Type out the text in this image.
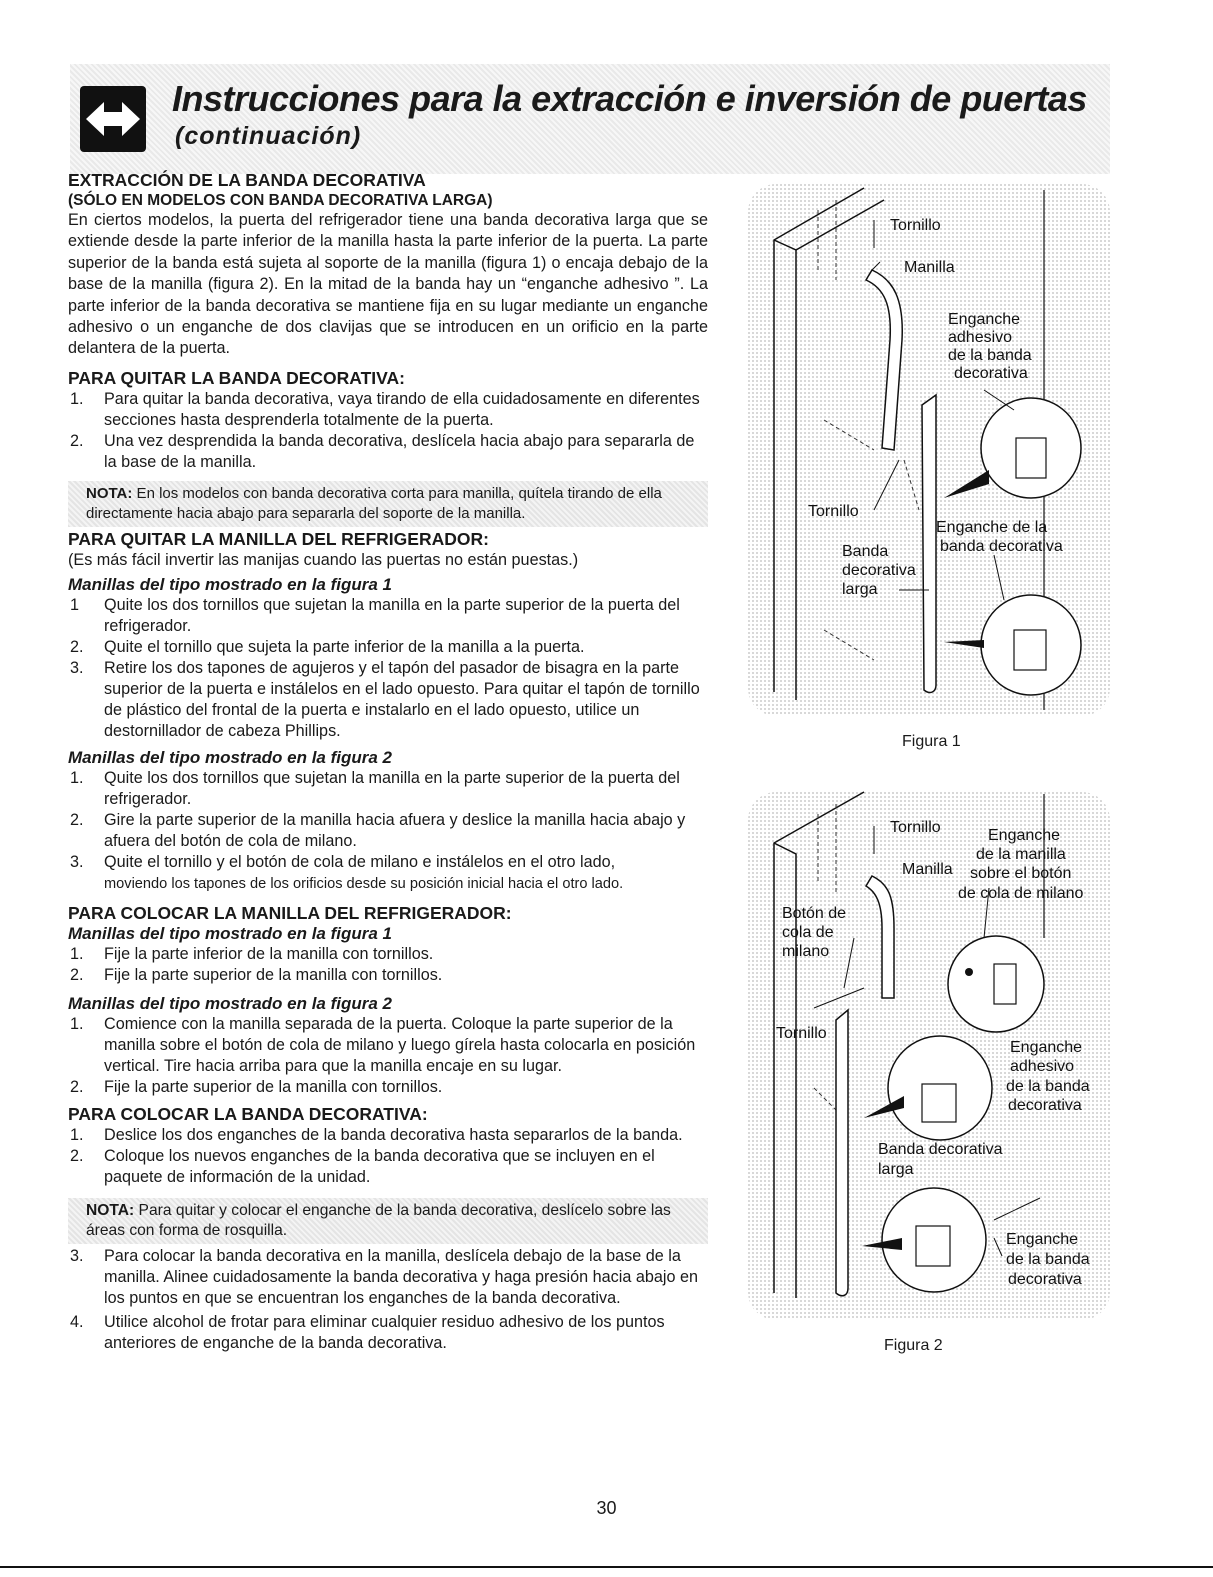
Instrucciones para la extracción e inversión de puertas
(continuación)
EXTRACCIÓN DE LA BANDA DECORATIVA
(SÓLO EN MODELOS CON BANDA DECORATIVA LARGA)

En ciertos modelos, la puerta del refrigerador tiene una banda decorativa larga que se extiende desde la parte inferior de la manilla hasta la parte inferior de la puerta. La parte superior de la banda está sujeta al soporte de la manilla (figura 1) o encaja debajo de la base de la manilla (figura 2). En la mitad de la banda hay un “enganche adhesivo ”. La parte inferior de la banda decorativa se mantiene fija en su lugar mediante un enganche adhesivo o un enganche de dos clavijas que se introducen en un orificio en la parte delantera de la puerta.

PARA QUITAR LA BANDA DECORATIVA:
1. Para quitar la banda decorativa, vaya tirando de ella cuidadosamente en diferentes secciones hasta desprenderla totalmente de la puerta.
2. Una vez desprendida la banda decorativa, deslícela hacia abajo para separarla de la base de la manilla.
NOTA: En los modelos con banda decorativa corta para manilla, quítela tirando de ella directamente hacia abajo para separarla del soporte de la manilla.
PARA QUITAR LA MANILLA DEL REFRIGERADOR:

(Es más fácil invertir las manijas cuando las puertas no están puestas.)

Manillas del tipo mostrado en la figura 1
1 Quite los dos tornillos que sujetan la manilla en la parte superior de la puerta del refrigerador.
2. Quite el tornillo que sujeta la parte inferior de la manilla a la puerta.
3. Retire los dos tapones de agujeros y el tapón del pasador de bisagra en la parte superior de la puerta e instálelos en el lado opuesto. Para quitar el tapón de tornillo de plástico del frontal de la puerta e instalarlo en el lado opuesto, utilice un destornillador de cabeza Phillips.
Manillas del tipo mostrado en la figura 2
1. Quite los dos tornillos que sujetan la manilla en la parte superior de la puerta del refrigerador.
2. Gire la parte superior de la manilla hacia afuera y deslice la manilla hacia abajo y afuera del botón de cola de milano.
3. Quite el tornillo y el botón de cola de milano e instálelos en el otro lado,
moviendo los tapones de los orificios desde su posición inicial hacia el otro lado.
PARA COLOCAR LA MANILLA DEL REFRIGERADOR:
Manillas del tipo mostrado en la figura 1
1. Fije la parte inferior de la manilla con tornillos.
2. Fije la parte superior de la manilla con tornillos.
Manillas del tipo mostrado en la figura 2
1. Comience con la manilla separada de la puerta. Coloque la parte superior de la manilla sobre el botón de cola de milano y luego gírela hasta colocarla en posición vertical. Tire hacia arriba para que la manilla encaje en su lugar.
2. Fije la parte superior de la manilla con tornillos.
PARA COLOCAR LA BANDA DECORATIVA:
1. Deslice los dos enganches de la banda decorativa hasta separarlos de la banda.
2. Coloque los nuevos enganches de la banda decorativa que se incluyen en el paquete de información de la unidad.
NOTA: Para quitar y colocar el enganche de la banda decorativa, deslícelo sobre las áreas con forma de rosquilla.
3. Para colocar la banda decorativa en la manilla, deslícela debajo de la base de la manilla. Alinee cuidadosamente la banda decorativa y haga presión hacia abajo en los puntos en que se encuentran los enganches de la banda decorativa.
4. Utilice alcohol de frotar para eliminar cualquier residuo adhesivo de los puntos anteriores de enganche de la banda decorativa.
Tornillo
Manilla
Enganche
adhesivo
de la banda
decorativa
Tornillo
Enganche de la
banda decorativa
Banda
decorativa
larga
Figura 1
Tornillo
Manilla
Enganche
de la manilla
sobre el botón
de cola de milano
Botón de
cola de
milano
Tornillo
Enganche
adhesivo
de la banda
decorativa
Banda decorativa
larga
Enganche
de la banda
decorativa
Figura 2
30
